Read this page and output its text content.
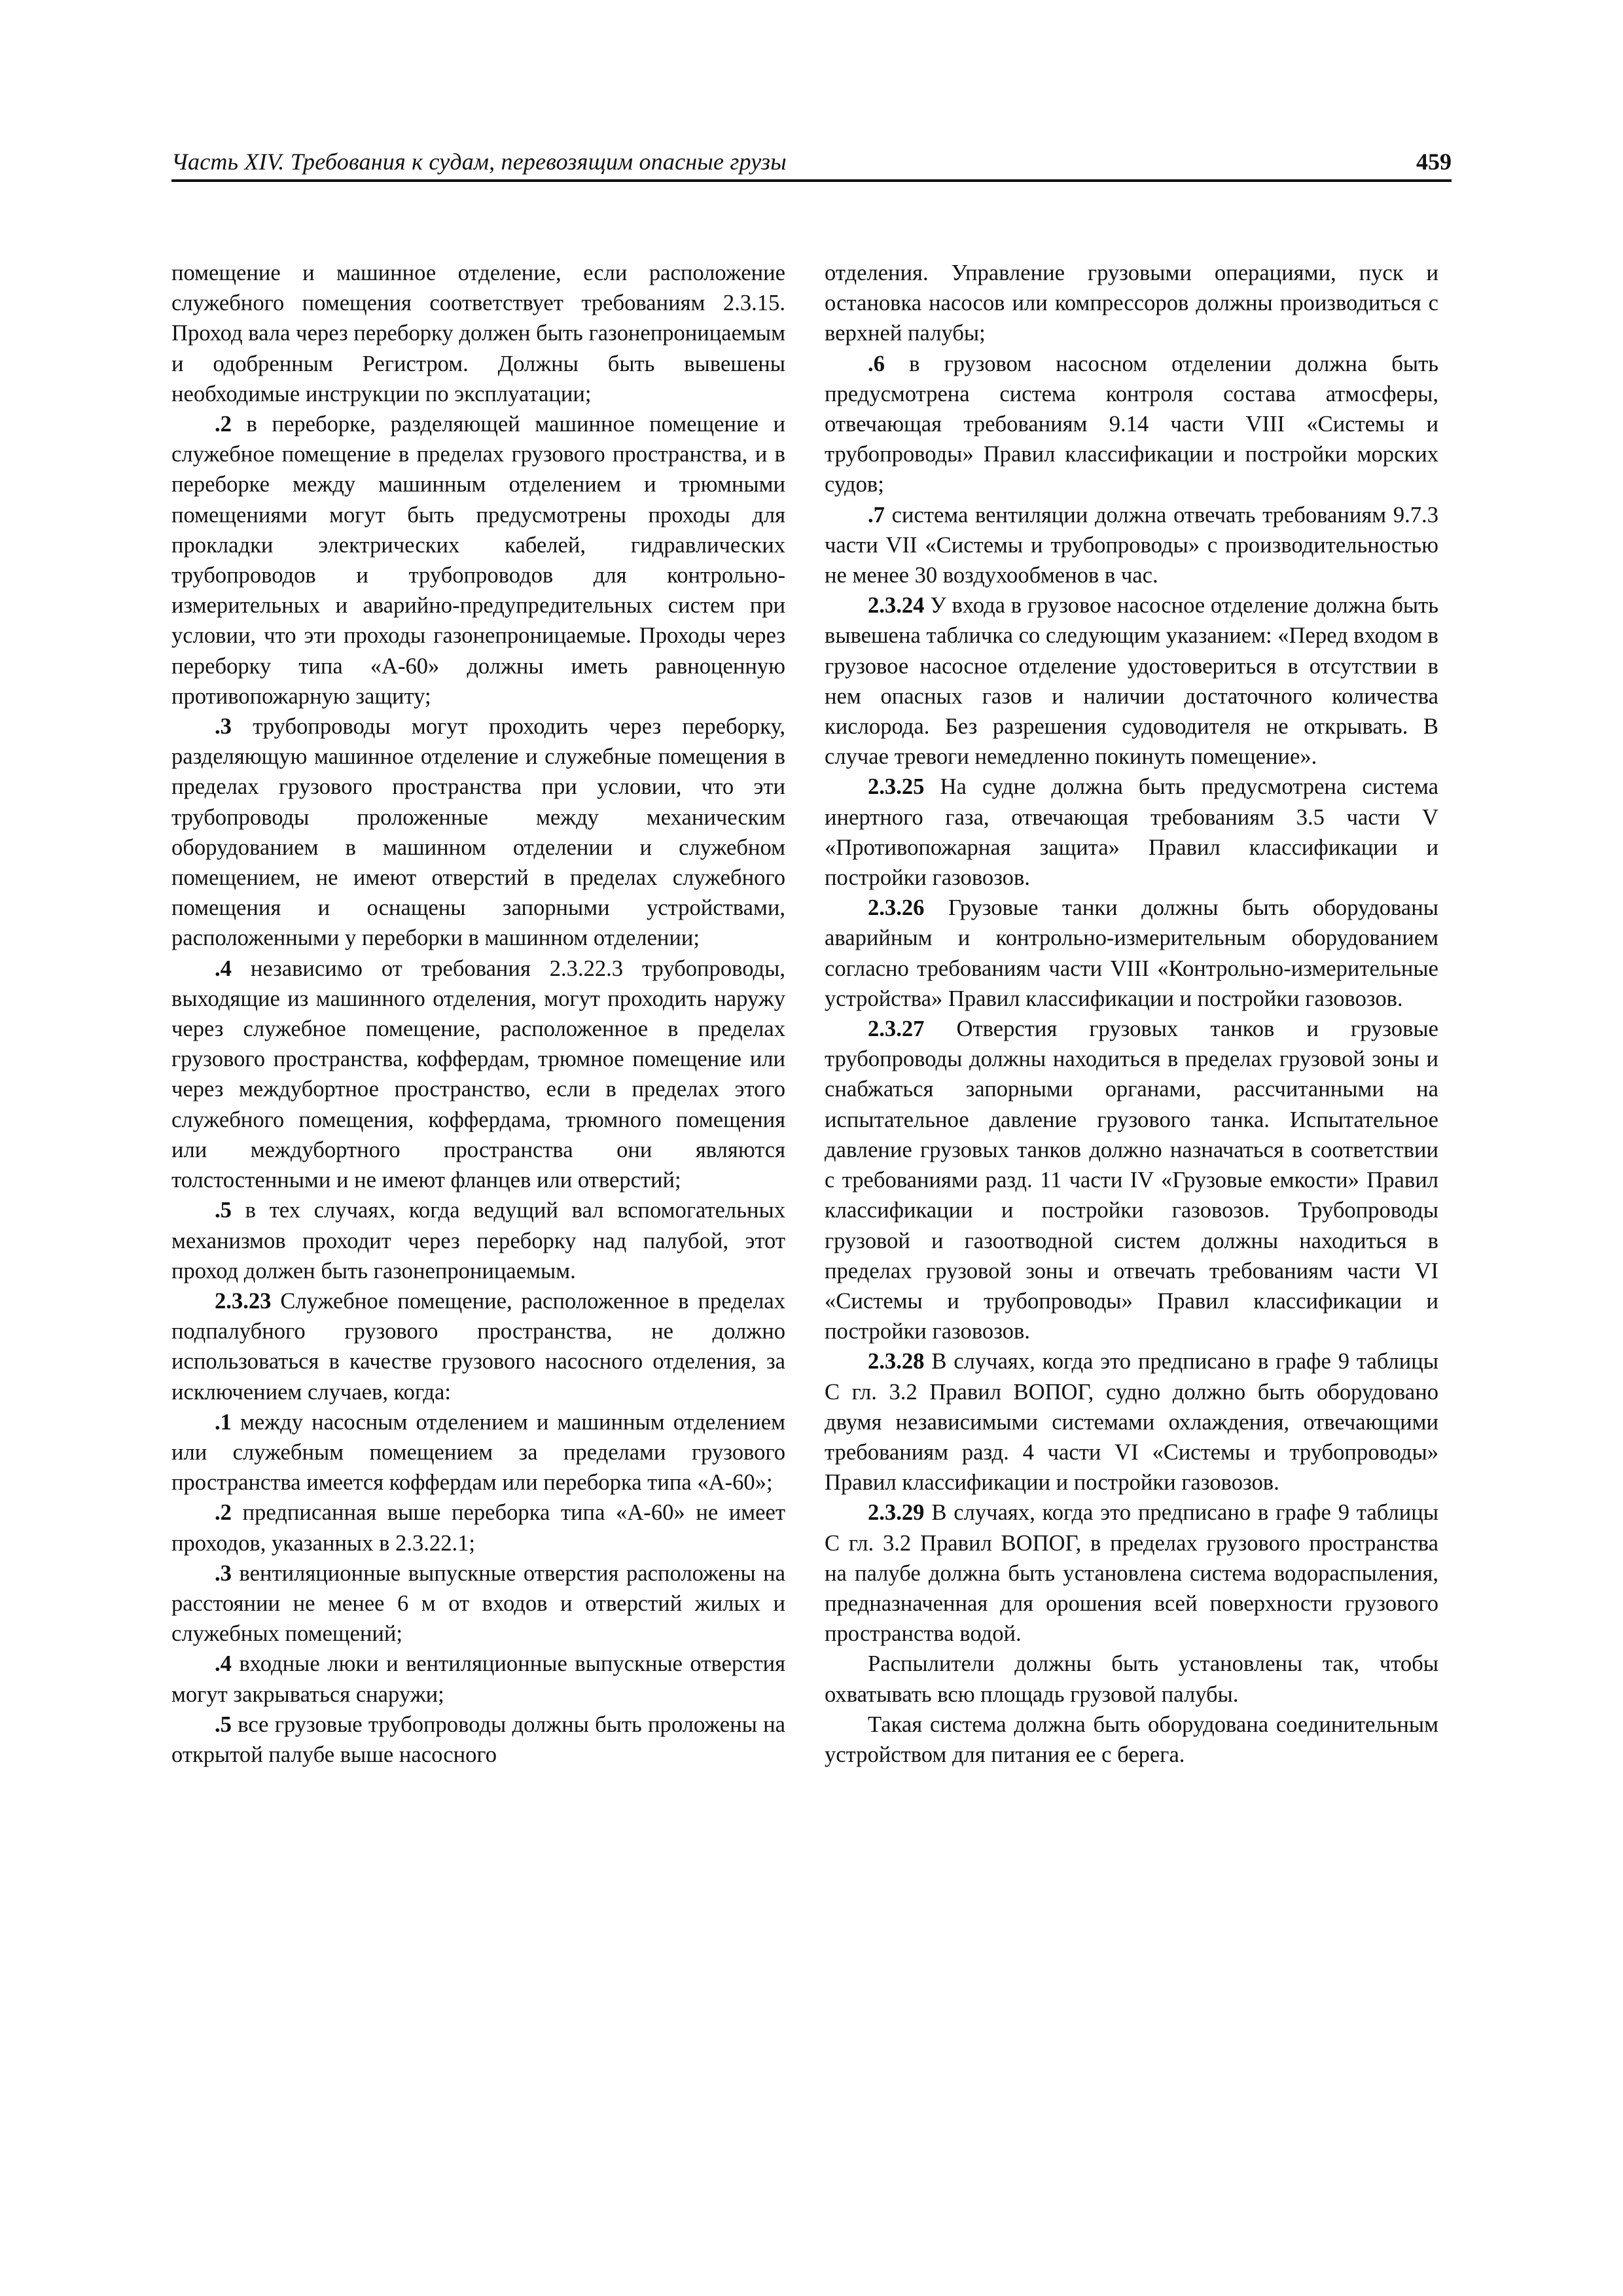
Часть XIV. Требования к судам, перевозящим опасные грузы	459

помещение и машинное отделение, если расположение служебного помещения соответствует требованиям 2.3.15. Проход вала через переборку должен быть газонепроницаемым и одобренным Регистром. Должны быть вывешены необходимые инструкции по эксплуатации;

.2 в переборке, разделяющей машинное помещение и служебное помещение в пределах грузового пространства, и в переборке между машинным отделением и трюмными помещениями могут быть предусмотрены проходы для прокладки электрических кабелей, гидравлических трубопроводов и трубопроводов для контрольно-измерительных и аварийно-предупредительных систем при условии, что эти проходы газонепроницаемые. Проходы через переборку типа «А-60» должны иметь равноценную противопожарную защиту;

.3 трубопроводы могут проходить через переборку, разделяющую машинное отделение и служебные помещения в пределах грузового пространства при условии, что эти трубопроводы проложенные между механическим оборудованием в машинном отделении и служебном помещением, не имеют отверстий в пределах служебного помещения и оснащены запорными устройствами, расположенными у переборки в машинном отделении;

.4 независимо от требования 2.3.22.3 трубопроводы, выходящие из машинного отделения, могут проходить наружу через служебное помещение, расположенное в пределах грузового пространства, коффердам, трюмное помещение или через междубортное пространство, если в пределах этого служебного помещения, коффердама, трюмного помещения или междубортного пространства они являются толстостенными и не имеют фланцев или отверстий;

.5 в тех случаях, когда ведущий вал вспомогательных механизмов проходит через переборку над палубой, этот проход должен быть газонепроницаемым.

2.3.23 Служебное помещение, расположенное в пределах подпалубного грузового пространства, не должно использоваться в качестве грузового насосного отделения, за исключением случаев, когда:

.1 между насосным отделением и машинным отделением или служебным помещением за пределами грузового пространства имеется коффердам или переборка типа «А-60»;

.2 предписанная выше переборка типа «А-60» не имеет проходов, указанных в 2.3.22.1;

.3 вентиляционные выпускные отверстия расположены на расстоянии не менее 6 м от входов и отверстий жилых и служебных помещений;

.4 входные люки и вентиляционные выпускные отверстия могут закрываться снаружи;

.5 все грузовые трубопроводы должны быть проложены на открытой палубе выше насосного

отделения. Управление грузовыми операциями, пуск и остановка насосов или компрессоров должны производиться с верхней палубы;

.6 в грузовом насосном отделении должна быть предусмотрена система контроля состава атмосферы, отвечающая требованиям 9.14 части VIII «Системы и трубопроводы» Правил классификации и постройки морских судов;

.7 система вентиляции должна отвечать требованиям 9.7.3 части VII «Системы и трубопроводы» с производительностью не менее 30 воздухообменов в час.

2.3.24 У входа в грузовое насосное отделение должна быть вывешена табличка со следующим указанием: «Перед входом в грузовое насосное отделение удостовериться в отсутствии в нем опасных газов и наличии достаточного количества кислорода. Без разрешения судоводителя не открывать. В случае тревоги немедленно покинуть помещение».

2.3.25 На судне должна быть предусмотрена система инертного газа, отвечающая требованиям 3.5 части V «Противопожарная защита» Правил классификации и постройки газовозов.

2.3.26 Грузовые танки должны быть оборудованы аварийным и контрольно-измерительным оборудованием согласно требованиям части VIII «Контрольно-измерительные устройства» Правил классификации и постройки газовозов.

2.3.27 Отверстия грузовых танков и грузовые трубопроводы должны находиться в пределах грузовой зоны и снабжаться запорными органами, рассчитанными на испытательное давление грузового танка. Испытательное давление грузовых танков должно назначаться в соответствии с требованиями разд. 11 части IV «Грузовые емкости» Правил классификации и постройки газовозов. Трубопроводы грузовой и газоотводной систем должны находиться в пределах грузовой зоны и отвечать требованиям части VI «Системы и трубопроводы» Правил классификации и постройки газовозов.

2.3.28 В случаях, когда это предписано в графе 9 таблицы С гл. 3.2 Правил ВОПОГ, судно должно быть оборудовано двумя независимыми системами охлаждения, отвечающими требованиям разд. 4 части VI «Системы и трубопроводы» Правил классификации и постройки газовозов.

2.3.29 В случаях, когда это предписано в графе 9 таблицы С гл. 3.2 Правил ВОПОГ, в пределах грузового пространства на палубе должна быть установлена система водораспыления, предназначенная для орошения всей поверхности грузового пространства водой.

Распылители должны быть установлены так, чтобы охватывать всю площадь грузовой палубы.

Такая система должна быть оборудована соединительным устройством для питания ее с берега.
